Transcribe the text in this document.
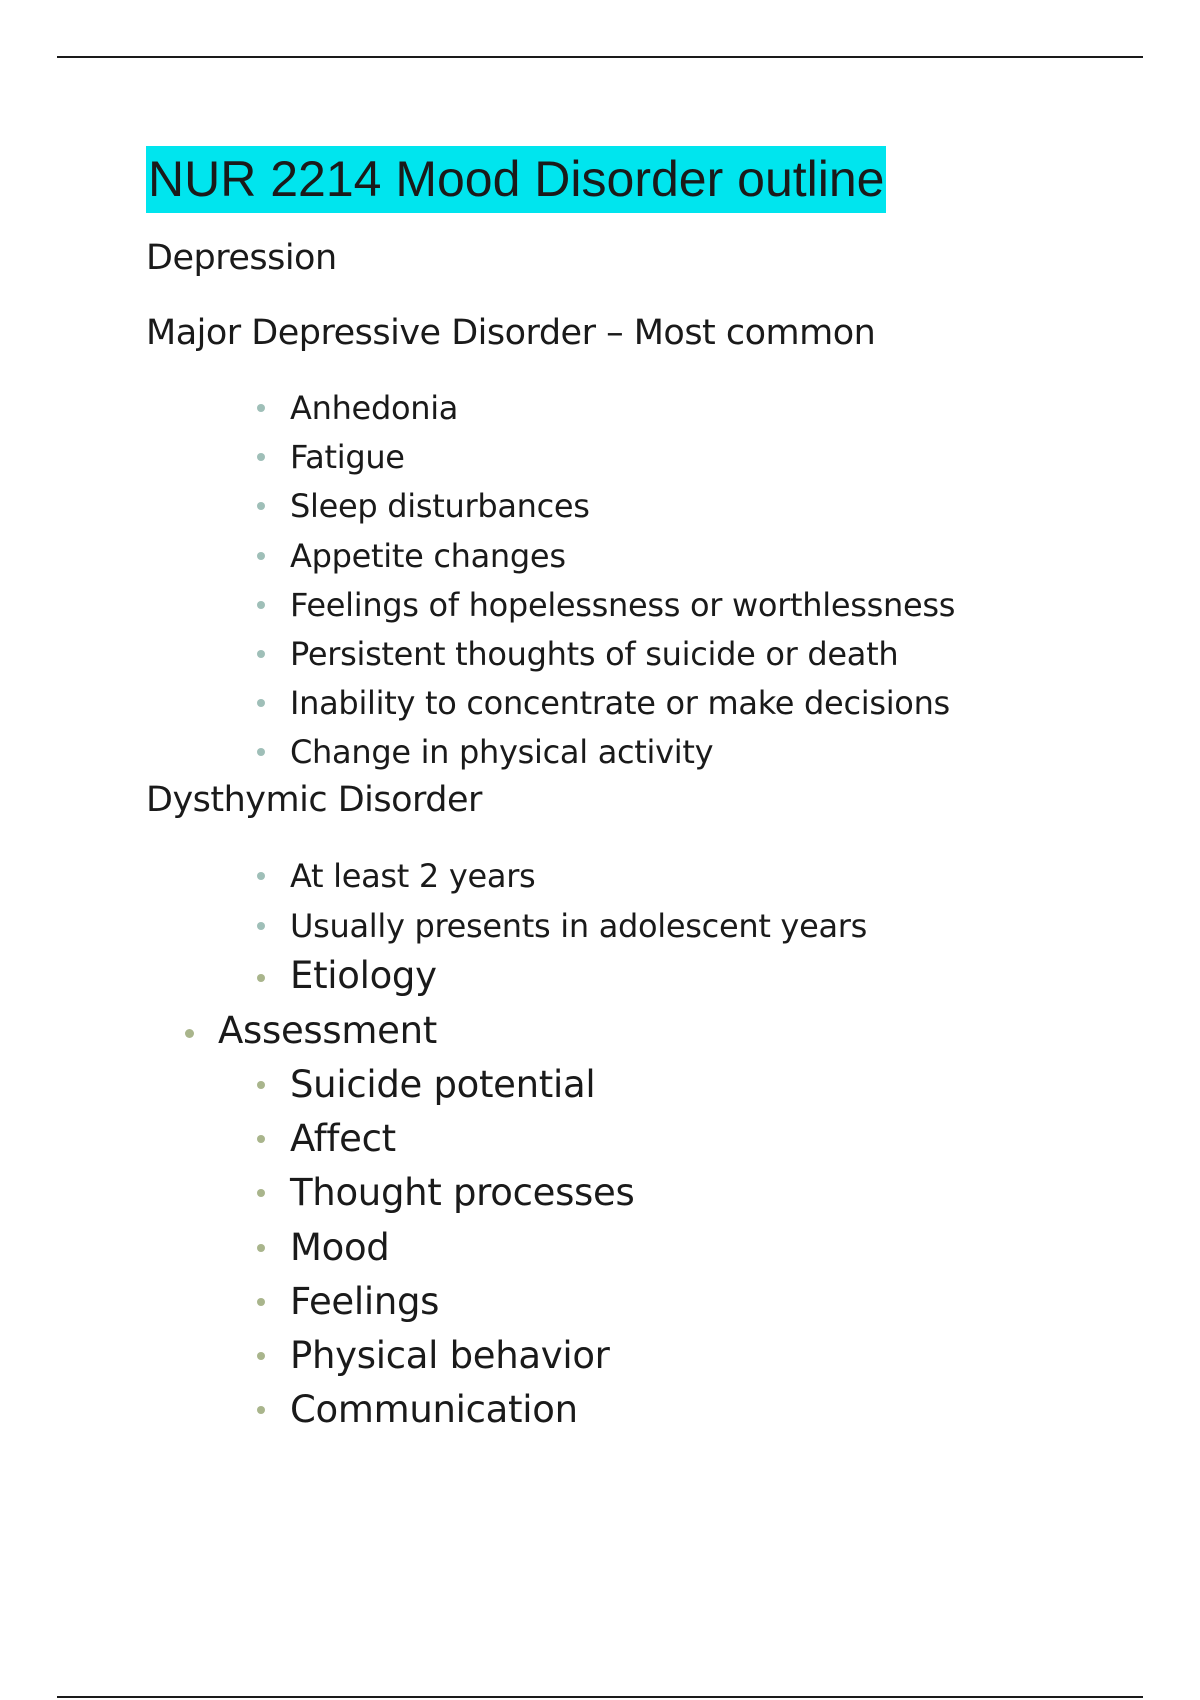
NUR 2214 Mood Disorder outline
Depression
Major Depressive Disorder – Most common
Anhedonia
Fatigue
Sleep disturbances
Appetite changes
Feelings of hopelessness or worthlessness
Persistent thoughts of suicide or death
Inability to concentrate or make decisions
Change in physical activity
Dysthymic Disorder
At least 2 years
Usually presents in adolescent years
Etiology
Assessment
Suicide potential
Affect
Thought processes
Mood
Feelings
Physical behavior
Communication
